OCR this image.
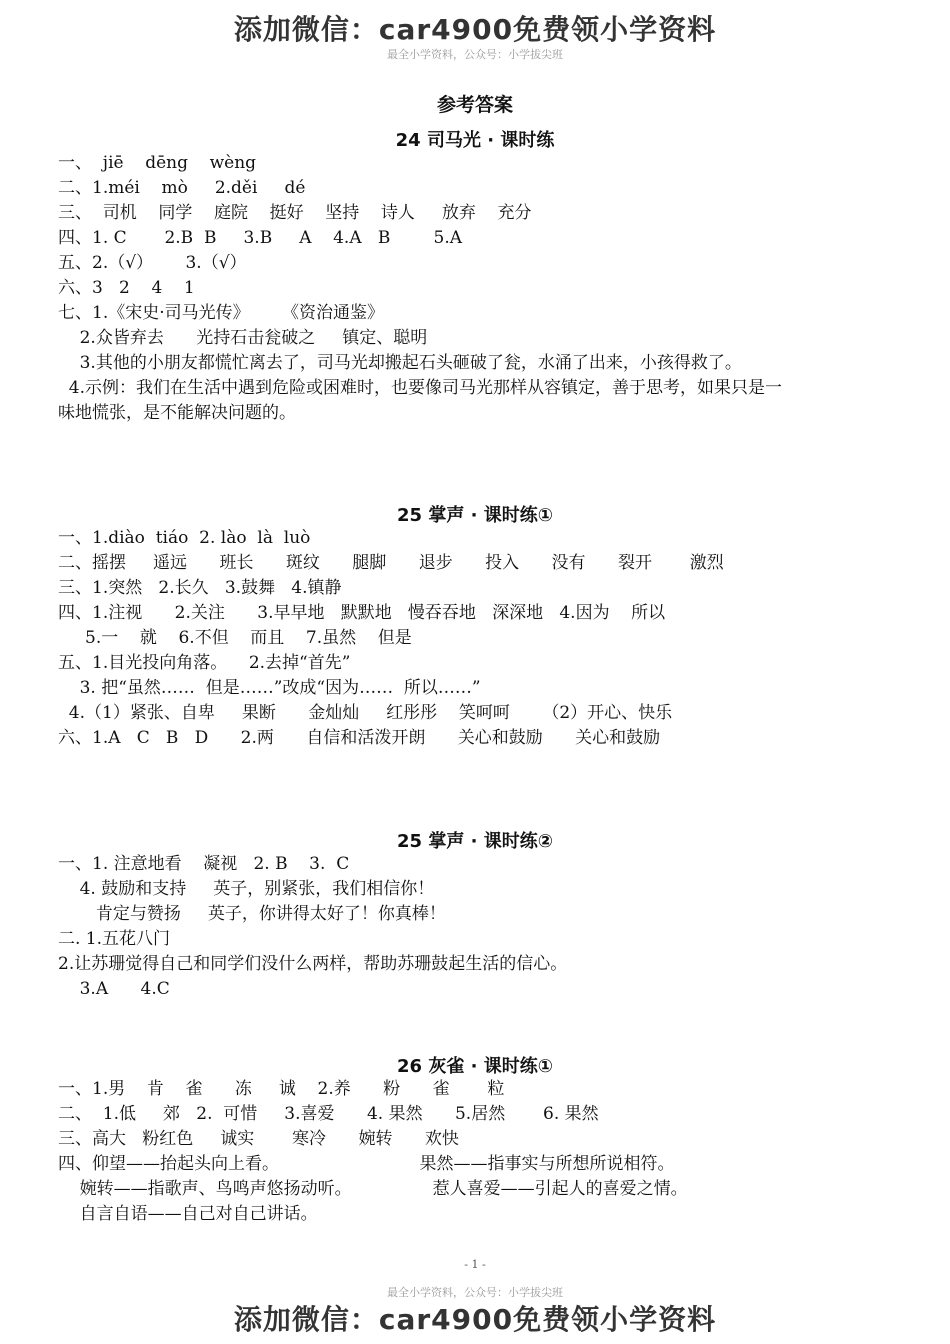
添加微信：car4900免费领小学资料
最全小学资料，公众号：小学拔尖班
参考答案
24 司马光 · 课时练
一、  jiē    dēng    wèng
二、1.méi    mò     2.děi     dé
三、  司机    同学    庭院    挺好    坚持    诗人     放弃    充分
四、1. C       2.B  B     3.B     A    4.A   B        5.A
五、2.（√）      3.（√）
六、3   2    4    1
七、1.《宋史·司马光传》      《资治通鉴》
2.众皆弃去      光持石击瓮破之     镇定、聪明
3.其他的小朋友都慌忙离去了，司马光却搬起石头砸破了瓮，水涌了出来，小孩得救了。
4.示例：我们在生活中遇到危险或困难时，也要像司马光那样从容镇定，善于思考，如果只是一
味地慌张，是不能解决问题的。
25 掌声 · 课时练①
一、1.diào  tiáo  2. lào  là  luò
二、摇摆     遥远      班长      斑纹      腿脚      退步      投入      没有      裂开       激烈
三、1.突然   2.长久   3.鼓舞   4.镇静
四、1.注视      2.关注      3.早早地   默默地   慢吞吞地   深深地   4.因为    所以
5.一    就    6.不但    而且    7.虽然    但是
五、1.目光投向角落。    2.去掉“首先”
3. 把“虽然……  但是……”改成“因为……  所以……”
4.（1）紧张、自卑     果断      金灿灿     红彤彤    笑呵呵      （2）开心、快乐
六、1.A   C   B   D      2.两      自信和活泼开朗      关心和鼓励      关心和鼓励
25 掌声 · 课时练②
一、1. 注意地看    凝视   2. B    3.  C
4. 鼓励和支持     英子，别紧张，我们相信你！
肯定与赞扬     英子，你讲得太好了！你真棒！
二. 1.五花八门
2.让苏珊觉得自己和同学们没什么两样，帮助苏珊鼓起生活的信心。
3.A      4.C
26 灰雀 · 课时练①
一、1.男    肯    雀      冻     诚    2.养      粉      雀       粒
二、  1.低     郊   2.  可惜     3.喜爱      4. 果然      5.居然       6. 果然
三、高大   粉红色     诚实       寒冷      婉转      欢快
四、仰望——抬起头向上看。                          果然——指事实与所想所说相符。
婉转——指歌声、鸟鸣声悠扬动听。               惹人喜爱——引起人的喜爱之情。
自言自语——自己对自己讲话。
- 1 -
最全小学资料，公众号：小学拔尖班
添加微信：car4900免费领小学资料
